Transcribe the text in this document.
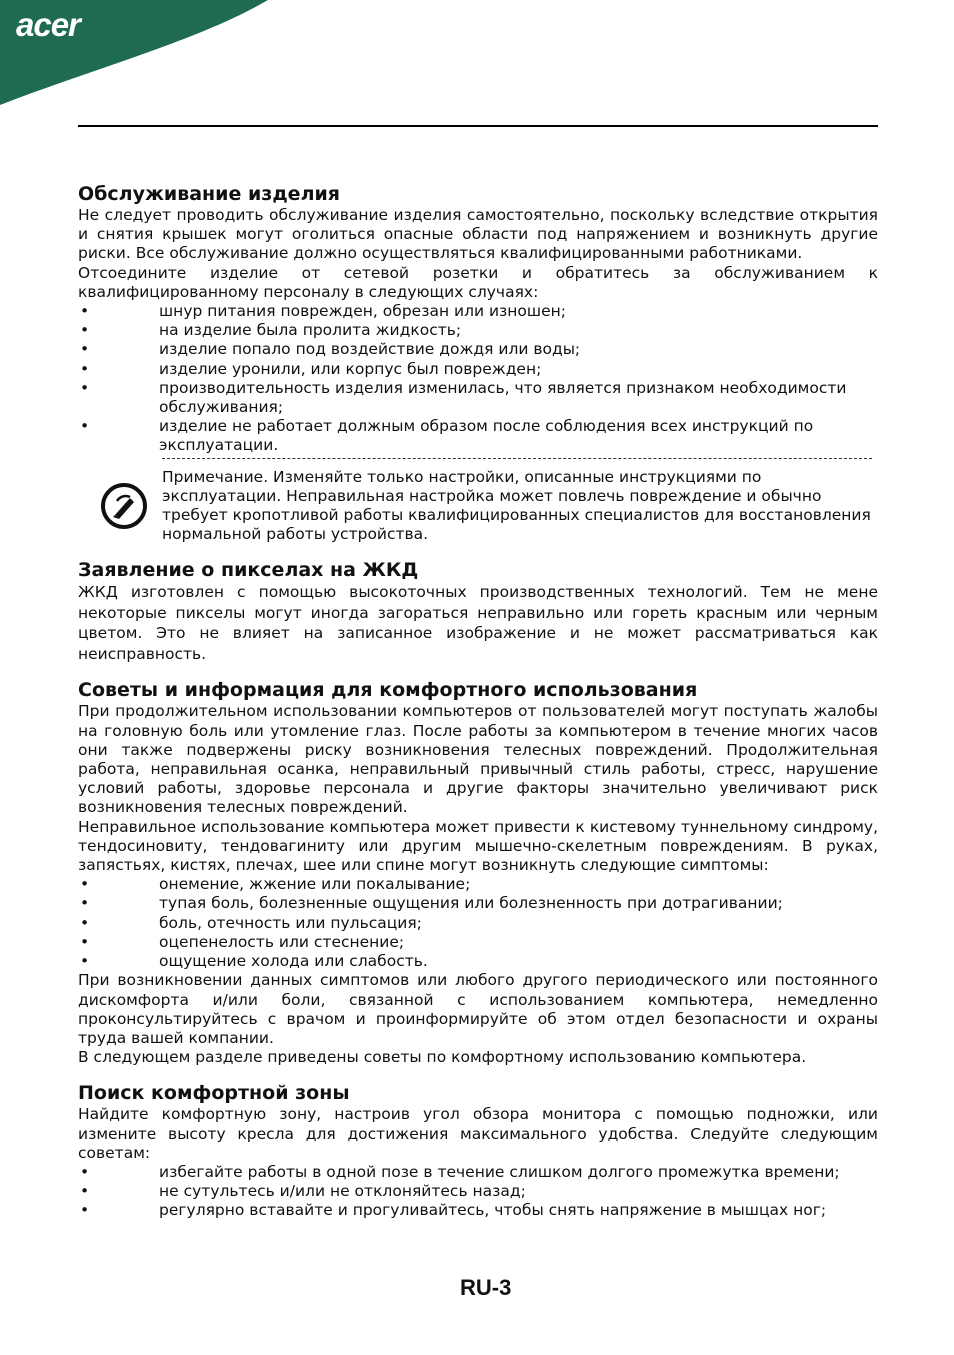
acer
Обслуживание изделия

Не следует проводить обслуживание изделия самостоятельно, поскольку вследствие открытия и снятия крышек могут оголиться опасные области под напряжением и возникнуть другие риски. Все обслуживание должно осуществляться квалифицированными работниками.

Отсоедините изделие от сетевой розетки и обратитесь за обслуживанием к квалифицированному персоналу в следующих случаях:

•	шнур питания поврежден, обрезан или изношен;
•	на изделие была пролита жидкость;
•	изделие попало под воздействие дождя или воды;
•	изделие уронили, или корпус был поврежден;
•	производительность изделия изменилась, что является признаком необходимости обслуживания;
•	изделие не работает должным образом после соблюдения всех инструкций по эксплуатации.

Примечание. Изменяйте только настройки, описанные инструкциями по эксплуатации. Неправильная настройка может повлечь повреждение и обычно требует кропотливой работы квалифицированных специалистов для восстановления нормальной работы устройства.

Заявление о пикселах на ЖКД

ЖКД изготовлен с помощью высокоточных производственных технологий. Тем не мене некоторые пикселы могут иногда загораться неправильно или гореть красным или черным цветом. Это не влияет на записанное изображение и не может рассматриваться как неисправность.

Советы и информация для комфортного использования

При продолжительном использовании компьютеров от пользователей могут поступать жалобы на головную боль или утомление глаз. После работы за компьютером в течение многих часов они также подвержены риску возникновения телесных повреждений. Продолжительная работа, неправильная осанка, неправильный привычный стиль работы, стресс, нарушение условий работы, здоровье персонала и другие факторы значительно увеличивают риск возникновения телесных повреждений.

Неправильное использование компьютера может привести к кистевому туннельному синдрому, тендосиновиту, тендовагиниту или другим мышечно-скелетным повреждениям. В руках, запястьях, кистях, плечах, шее или спине могут возникнуть следующие симптомы:

•	онемение, жжение или покалывание;
•	тупая боль, болезненные ощущения или болезненность при дотрагивании;
•	боль, отечность или пульсация;
•	оцепенелость или стеснение;
•	ощущение холода или слабость.

При возникновении данных симптомов или любого другого периодического или постоянного дискомфорта и/или боли, связанной с использованием компьютера, немедленно проконсультируйтесь с врачом и проинформируйте об этом отдел безопасности и охраны труда вашей компании.

В следующем разделе приведены советы по комфортному использованию компьютера.

Поиск комфортной зоны

Найдите комфортную зону, настроив угол обзора монитора с помощью подножки, или измените высоту кресла для достижения максимального удобства. Следуйте следующим советам:

•	избегайте работы в одной позе в течение слишком долгого промежутка времени;
•	не сутультесь и/или не отклоняйтесь назад;
•	регулярно вставайте и прогуливайтесь, чтобы снять напряжение в мышцах ног;
RU-3
